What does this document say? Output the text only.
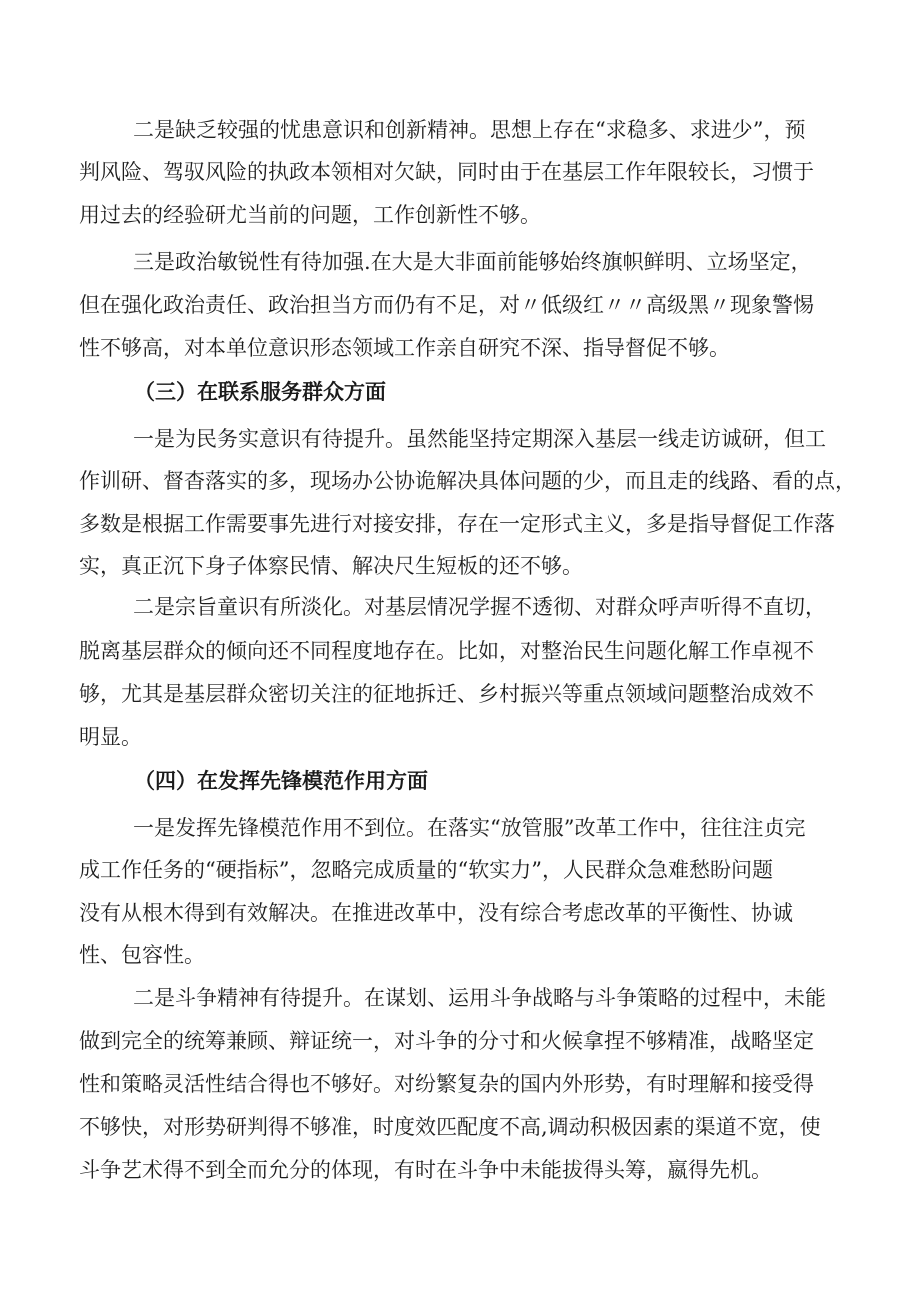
二是缺乏较强的忧患意识和创新精神。思想上存在“求稳多、求进少”，预

判风险、驾驭风险的执政本领相对欠缺，同时由于在基层工作年限较长，习惯于

用过去的经验研尤当前的问题，工作创新性不够。

三是政治敏锐性有待加强.在大是大非面前能够始终旗帜鲜明、立场坚定，

但在强化政治责任、政治担当方而仍有不足，对〃低级红〃〃高级黑〃现象警惕

性不够高，对本单位意识形态领域工作亲自研究不深、指导督促不够。

（三）在联系服务群众方面

一是为民务实意识有待提升。虽然能坚持定期深入基层一线走访诚研，但工

作训研、督杳落实的多，现场办公协诡解决具体问题的少，而且走的线路、看的点，

多数是根据工作需要事先进行对接安排，存在一定形式主义，多是指导督促工作落

实，真正沉下身子体察民情、解决尺生短板的还不够。

二是宗旨童识有所淡化。对基层情况学握不透彻、对群众呼声听得不直切，

脱离基层群众的倾向还不同程度地存在。比如，对整治民生问题化解工作卓视不

够，尤其是基层群众密切关注的征地拆迁、乡村振兴等重点领域问题整治成效不

明显。

（四）在发挥先锋模范作用方面

一是发挥先锋模范作用不到位。在落实“放管服”改革工作中，往往注贞完

成工作任务的“硬指标”，忽略完成质量的“软实力”，人民群众急难愁盼问题

没有从根木得到有效解决。在推进改革中，没有综合考虑改革的平衡性、协诚

性、包容性。

二是斗争精神有待提升。在谋划、运用斗争战略与斗争策略的过程中，未能

做到完全的统筹兼顾、辩证统一，对斗争的分寸和火候拿捏不够精准，战略坚定

性和策略灵活性结合得也不够好。对纷繁复杂的国内外形势，有时理解和接受得

不够快，对形势研判得不够准，时度效匹配度不高,调动积极因素的渠道不宽，使

斗争艺术得不到全而允分的体现，有时在斗争中未能拔得头筹，嬴得先机。
